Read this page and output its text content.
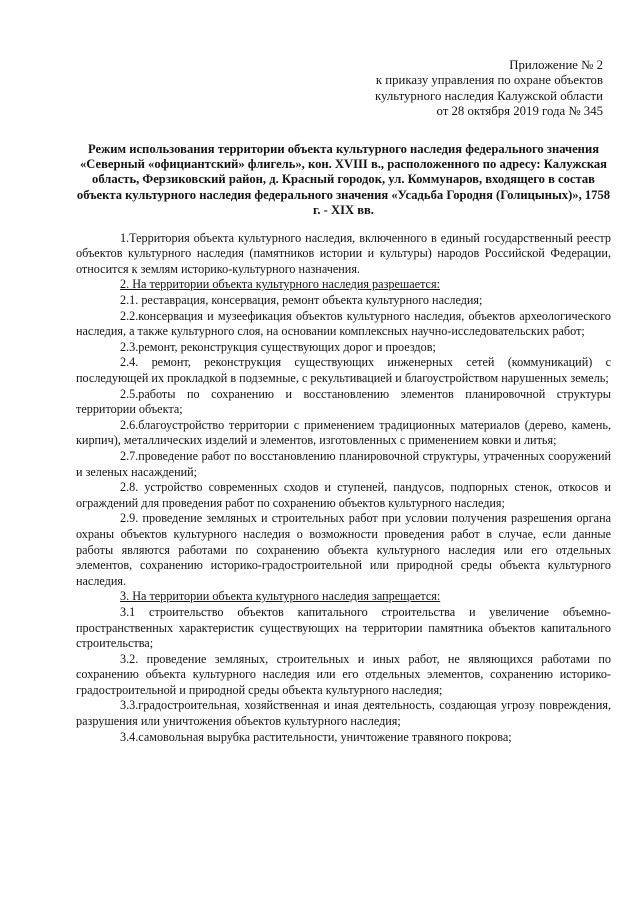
Приложение № 2
к приказу управления по охране объектов
культурного наследия Калужской области
от 28 октября 2019 года № 345
Режим использования территории объекта культурного наследия федерального значения «Северный «официантский» флигель», кон. XVIII в., расположенного по адресу: Калужская область, Ферзиковский район, д. Красный городок, ул. Коммунаров, входящего в состав объекта культурного наследия федерального значения «Усадьба Городня (Голицыных)», 1758 г. - XIX вв.

1.Территория объекта культурного наследия, включенного в единый государственный реестр объектов культурного наследия (памятников истории и культуры) народов Российской Федерации, относится к землям историко-культурного назначения.

2. На территории объекта культурного наследия разрешается:

2.1. реставрация, консервация, ремонт объекта культурного наследия;

2.2.консервация и музеефикация объектов культурного наследия, объектов археологического наследия, а также культурного слоя, на основании комплексных научно-исследовательских работ;

2.3.ремонт, реконструкция существующих дорог и проездов;

2.4. ремонт, реконструкция существующих инженерных сетей (коммуникаций) с последующей их прокладкой в подземные, с рекультивацией и благоустройством нарушенных земель;

2.5.работы по сохранению и восстановлению элементов планировочной структуры территории объекта;

2.6.благоустройство территории с применением традиционных материалов (дерево, камень, кирпич), металлических изделий и элементов, изготовленных с применением ковки и литья;

2.7.проведение работ по восстановлению планировочной структуры, утраченных сооружений и зеленых насаждений;

2.8. устройство современных сходов и ступеней, пандусов, подпорных стенок, откосов и ограждений для проведения работ по сохранению объектов культурного наследия;

2.9. проведение земляных и строительных работ при условии получения разрешения органа охраны объектов культурного наследия о возможности проведения работ в случае, если данные работы являются работами по сохранению объекта культурного наследия или его отдельных элементов, сохранению историко-градостроительной или природной среды объекта культурного наследия.

3. На территории объекта культурного наследия запрещается:

3.1 строительство объектов капитального строительства и увеличение объемно-пространственных характеристик существующих на территории памятника объектов капитального строительства;

3.2. проведение земляных, строительных и иных работ, не являющихся работами по сохранению объекта культурного наследия или его отдельных элементов, сохранению историко-градостроительной и природной среды объекта культурного наследия;

3.3.градостроительная, хозяйственная и иная деятельность, создающая угрозу повреждения, разрушения или уничтожения объектов культурного наследия;

3.4.самовольная вырубка растительности, уничтожение травяного покрова;
